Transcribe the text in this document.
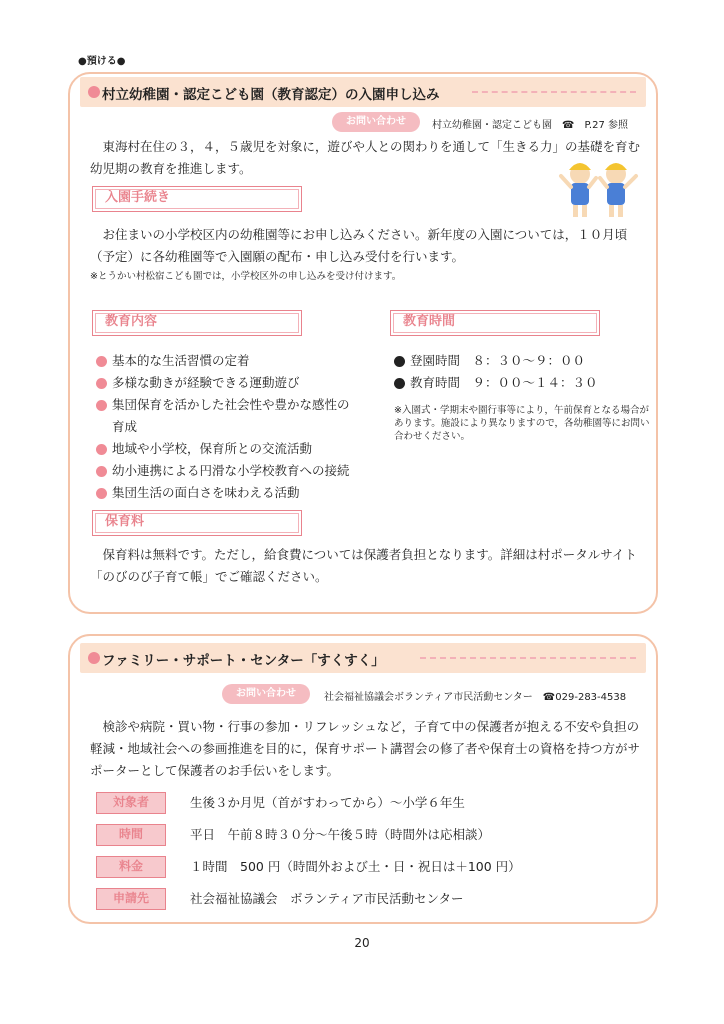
●預ける●
村立幼稚園・認定こども園（教育認定）の入園申し込み
お問い合わせ	村立幼稚園・認定こども園　☎　P.27 参照
東海村在住の３，４，５歳児を対象に，遊びや人との関わりを通して「生きる力」の基礎を育む幼児期の教育を推進します。
入園手続き
お住まいの小学校区内の幼稚園等にお申し込みください。新年度の入園については，１０月頃（予定）に各幼稚園等で入園願の配布・申し込み受付を行います。
※とうかい村松宿こども園では，小学校区外の申し込みを受け付けます。
教育内容
基本的な生活習慣の定着
多様な動きが経験できる運動遊び
集団保育を活かした社会性や豊かな感性の
育成
地域や小学校，保育所との交流活動
幼小連携による円滑な小学校教育への接続
集団生活の面白さを味わえる活動
教育時間
登園時間　８：３０〜９：００
教育時間　９：００〜１４：３０
※入園式・学期末や園行事等により，午前保育となる場合があります。施設により異なりますので，各幼稚園等にお問い合わせください。
保育料
保育料は無料です。ただし，給食費については保護者負担となります。詳細は村ポータルサイト「のびのび子育て帳」でご確認ください。
ファミリー・サポート・センター「すくすく」
お問い合わせ	社会福祉協議会ボランティア市民活動センター　☎029-283-4538
検診や病院・買い物・行事の参加・リフレッシュなど，子育て中の保護者が抱える不安や負担の軽減・地域社会への参画推進を目的に，保育サポート講習会の修了者や保育士の資格を持つ方がサポーターとして保護者のお手伝いをします。
対象者	生後３か月児（首がすわってから）〜小学６年生
時間	平日　午前８時３０分〜午後５時（時間外は応相談）
料金	１時間　500 円（時間外および土・日・祝日は＋100 円）
申請先	社会福祉協議会　ボランティア市民活動センター
20
